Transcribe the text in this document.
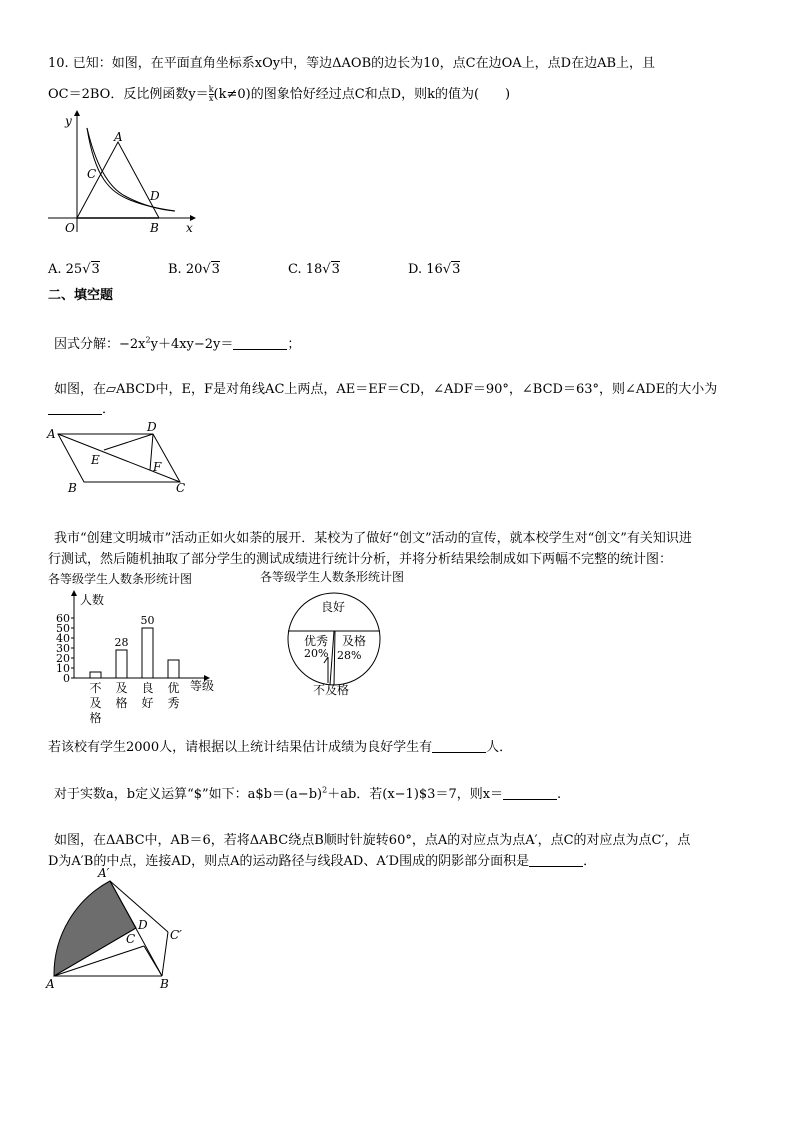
10. 已知：如图，在平面直角坐标系xOy中，等边ΔAOB的边长为10，点C在边OA上，点D在边AB上，且
OC＝2BO．反比例函数$y= \frac{k}{x} (k\ne 0)$的图象恰好经过点C和点D，则k的值为(　　)
y
x
O
A
B
C
D
A. 25√3	B. 20√3	C. 18√3	D. 16√3
二、填空题
因式分解：$-2x^2y+4xy-2y=$	；
如图，在▱ABCD中，E，F是对角线AC上两点，AE＝EF＝CD，∠ADF＝90°，∠BCD＝63°，则∠ADE的大小为
．
A	D
B	C
E	F
我市“创建文明城市”活动正如火如荼的展开．某校为了做好“创文”活动的宣传，就本校学生对“创文”有关知识进
行测试，然后随机抽取了部分学生的测试成绩进行统计分析，并将分析结果绘制成如下两幅不完整的统计图：
各等级学生人数条形统计图	各等级学生人数条形统计图
人数
等级
0
10
20
30
40
50
60
不
及
格
28
及
格
50
良
好
优
秀
良好
优秀
20%
及格
28%
不及格
若该校有学生2000人，请根据以上统计结果估计成绩为良好学生有	人．
对于实数a，b定义运算“$”如下：$a\$b=(a-b)^2+ab$．若(x−1)$3＝7，则x＝	.
如图，在ΔABC中，AB＝6，若将ΔABC绕点B顺时针旋转60°，点A的对应点为点A′，点C的对应点为点C′，点
D为A′B的中点，连接AD，则点A的运动路径与线段AD、A′D围成的阴影部分面积是	．
A′
D
C	C′
A	B
